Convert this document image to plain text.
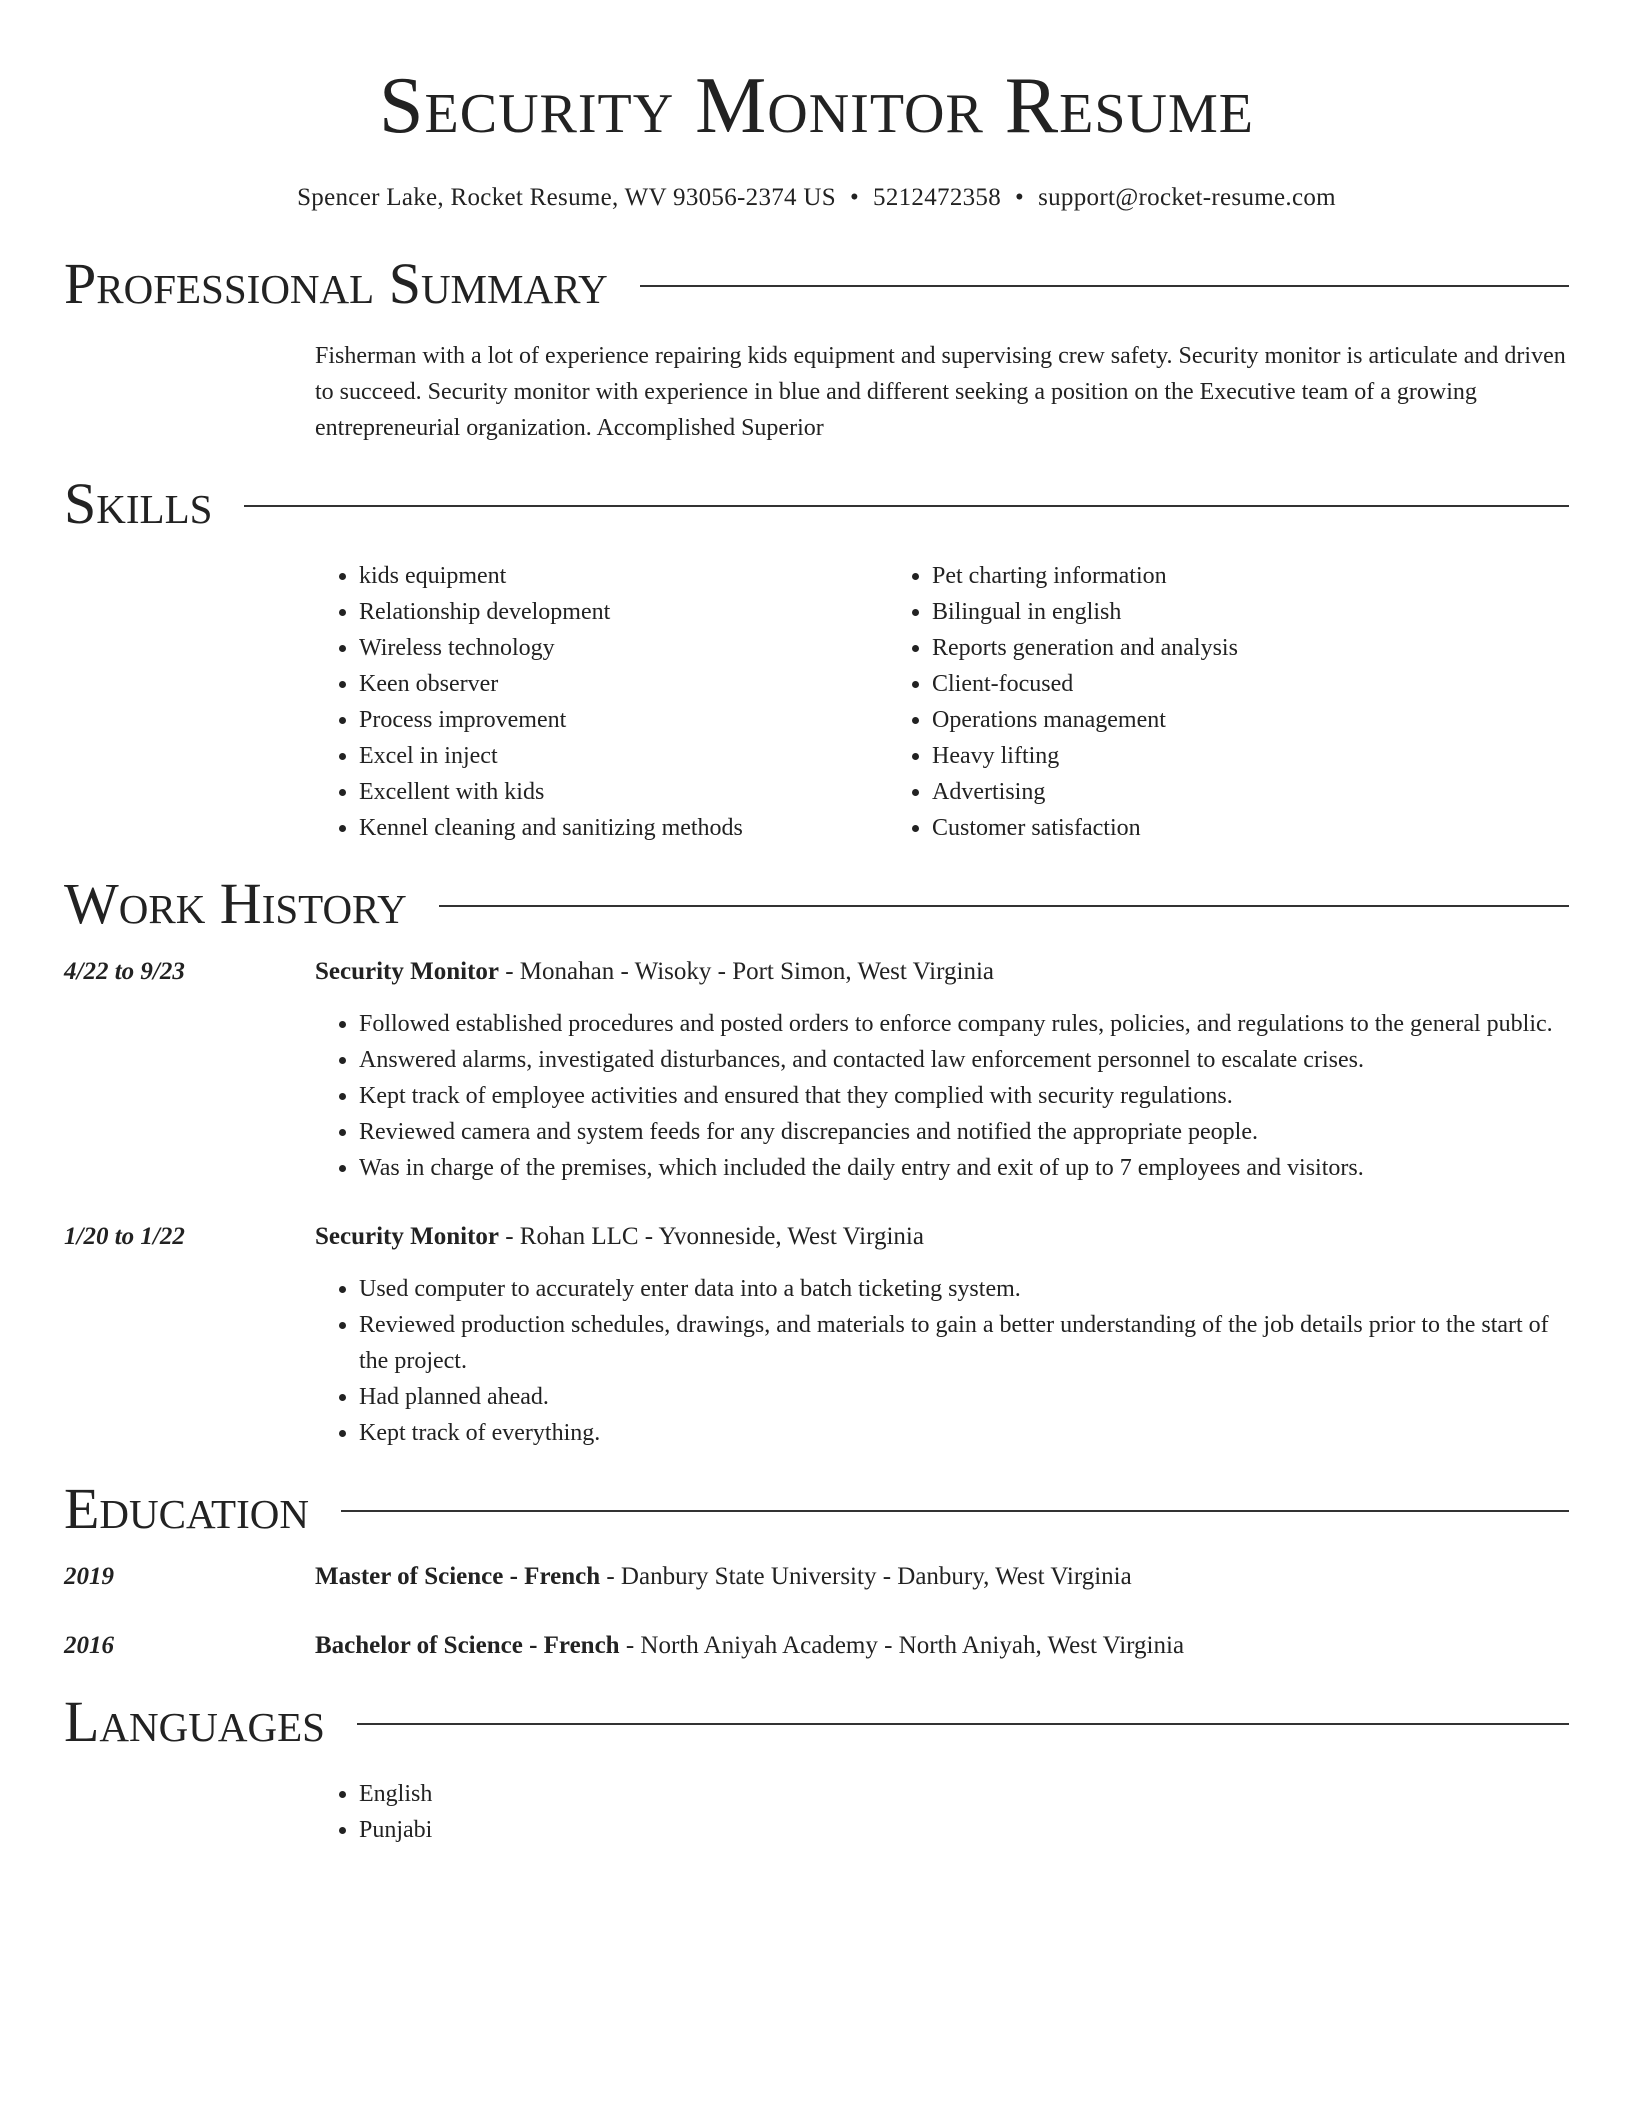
Security Monitor Resume
Spencer Lake, Rocket Resume, WV 93056-2374 US • 5212472358 • support@rocket-resume.com
Professional Summary

Fisherman with a lot of experience repairing kids equipment and supervising crew safety. Security monitor is articulate and driven to succeed. Security monitor with experience in blue and different seeking a position on the Executive team of a growing entrepreneurial organization. Accomplished Superior

Skills
• kids equipment
• Relationship development
• Wireless technology
• Keen observer
• Process improvement
• Excel in inject
• Excellent with kids
• Kennel cleaning and sanitizing methods
• Pet charting information
• Bilingual in english
• Reports generation and analysis
• Client-focused
• Operations management
• Heavy lifting
• Advertising
• Customer satisfaction
Work History
4/22 to 9/23	Security Monitor - Monahan - Wisoky - Port Simon, West Virginia
• Followed established procedures and posted orders to enforce company rules, policies, and regulations to the general public.
• Answered alarms, investigated disturbances, and contacted law enforcement personnel to escalate crises.
• Kept track of employee activities and ensured that they complied with security regulations.
• Reviewed camera and system feeds for any discrepancies and notified the appropriate people.
• Was in charge of the premises, which included the daily entry and exit of up to 7 employees and visitors.
1/20 to 1/22	Security Monitor - Rohan LLC - Yvonneside, West Virginia
• Used computer to accurately enter data into a batch ticketing system.
• Reviewed production schedules, drawings, and materials to gain a better understanding of the job details prior to the start of the project.
• Had planned ahead.
• Kept track of everything.
Education
2019	Master of Science - French - Danbury State University - Danbury, West Virginia
2016	Bachelor of Science - French - North Aniyah Academy - North Aniyah, West Virginia
Languages
• English
• Punjabi
